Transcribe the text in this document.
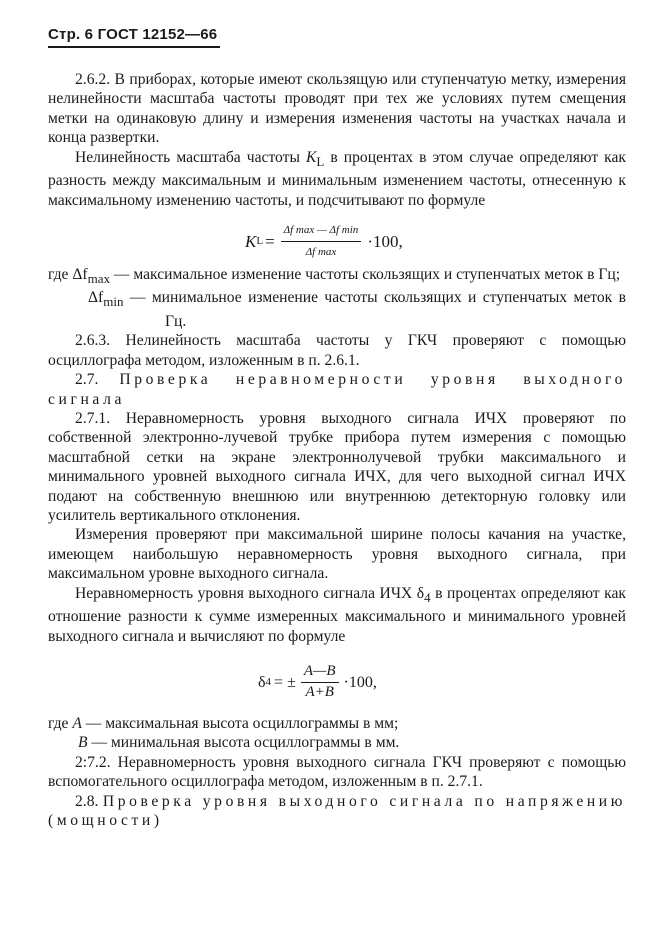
Стр. 6 ГОСТ 12152—66

2.6.2. В приборах, которые имеют скользящую или ступенчатую метку, измерения нелинейности масштаба частоты проводят при тех же условиях путем смещения метки на одинаковую длину и измерения изменения частоты на участках начала и конца развертки.

Нелинейность масштаба частоты $K_L$ в процентах в этом случае определяют как разность между максимальным и минимальным изменением частоты, отнесенную к максимальному изменению частоты, и подсчитывают по формуле

K $L = \frac{\text{Δf max — Δf min}}{\text{Δf max}} \cdot 100$,

где $\Delta f_{max}$ — максимальное изменение частоты скользящих и ступенчатых меток в Гц;

$\Delta f_{min}$ — минимальное изменение частоты скользящих и ступенчатых меток в Гц.

2.6.3. Нелинейность масштаба частоты у ГКЧ проверяют с помощью осциллографа методом, изложенным в п. 2.6.1.

2.7. Проверка неравномерности уровня выходного сигнала

2.7.1. Неравномерность уровня выходного сигнала ИЧХ проверяют по собственной электронно-лучевой трубке прибора путем измерения с помощью масштабной сетки на экране электроннолучевой трубки максимального и минимального уровней выходного сигнала ИЧХ, для чего выходной сигнал ИЧХ подают на собственную внешнюю или внутреннюю детекторную головку или усилитель вертикального отклонения.

Измерения проверяют при максимальной ширине полосы качания на участке, имеющем наибольшую неравномерность уровня выходного сигнала, при максимальном уровне выходного сигнала.

Неравномерность уровня выходного сигнала ИЧХ $\delta_4$ в процентах определяют как отношение разности к сумме измеренных максимального и минимального уровней выходного сигнала и вычисляют по формуле

δ 4 = ± $\frac{A—B}{A+B} \cdot 100$,

где A — максимальная высота осциллограммы в мм;

B — минимальная высота осциллограммы в мм.

2:7.2. Неравномерность уровня выходного сигнала ГКЧ проверяют с помощью вспомогательного осциллографа методом, изложенным в п. 2.7.1.

2.8. Проверка уровня выходного сигнала по напряжению (мощности)
